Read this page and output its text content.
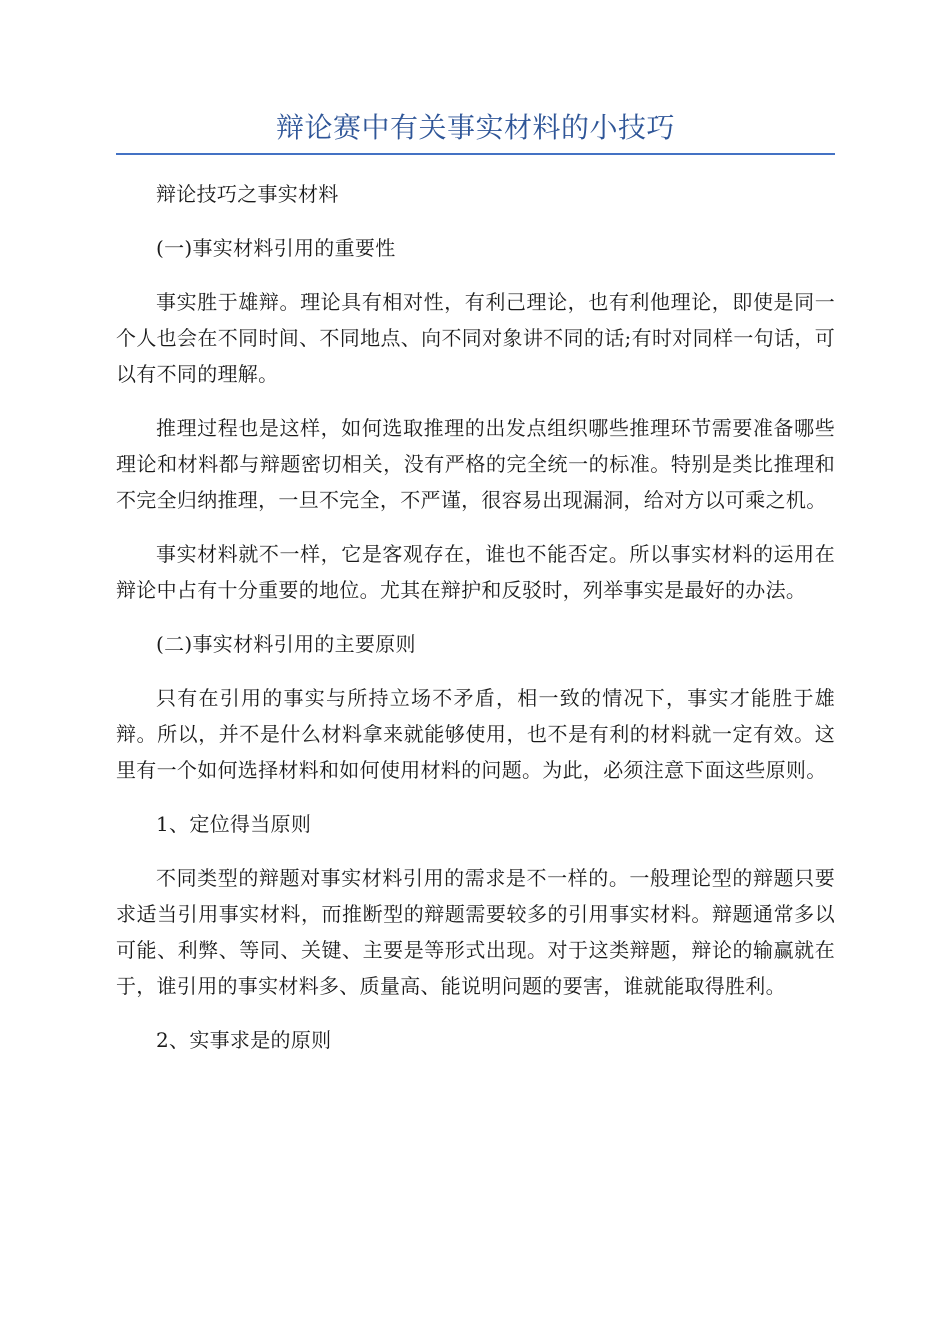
辩论赛中有关事实材料的小技巧

辩论技巧之事实材料

(一)事实材料引用的重要性

事实胜于雄辩。理论具有相对性，有利己理论，也有利他理论，即使是同一个人也会在不同时间、不同地点、向不同对象讲不同的话;有时对同样一句话，可以有不同的理解。

推理过程也是这样，如何选取推理的出发点组织哪些推理环节需要准备哪些理论和材料都与辩题密切相关，没有严格的完全统一的标准。特别是类比推理和不完全归纳推理，一旦不完全，不严谨，很容易出现漏洞，给对方以可乘之机。

事实材料就不一样，它是客观存在，谁也不能否定。所以事实材料的运用在辩论中占有十分重要的地位。尤其在辩护和反驳时，列举事实是最好的办法。

(二)事实材料引用的主要原则

只有在引用的事实与所持立场不矛盾，相一致的情况下，事实才能胜于雄辩。所以，并不是什么材料拿来就能够使用，也不是有利的材料就一定有效。这里有一个如何选择材料和如何使用材料的问题。为此，必须注意下面这些原则。

1、定位得当原则

不同类型的辩题对事实材料引用的需求是不一样的。一般理论型的辩题只要求适当引用事实材料，而推断型的辩题需要较多的引用事实材料。辩题通常多以可能、利弊、等同、关键、主要是等形式出现。对于这类辩题，辩论的输赢就在于，谁引用的事实材料多、质量高、能说明问题的要害，谁就能取得胜利。

2、实事求是的原则
